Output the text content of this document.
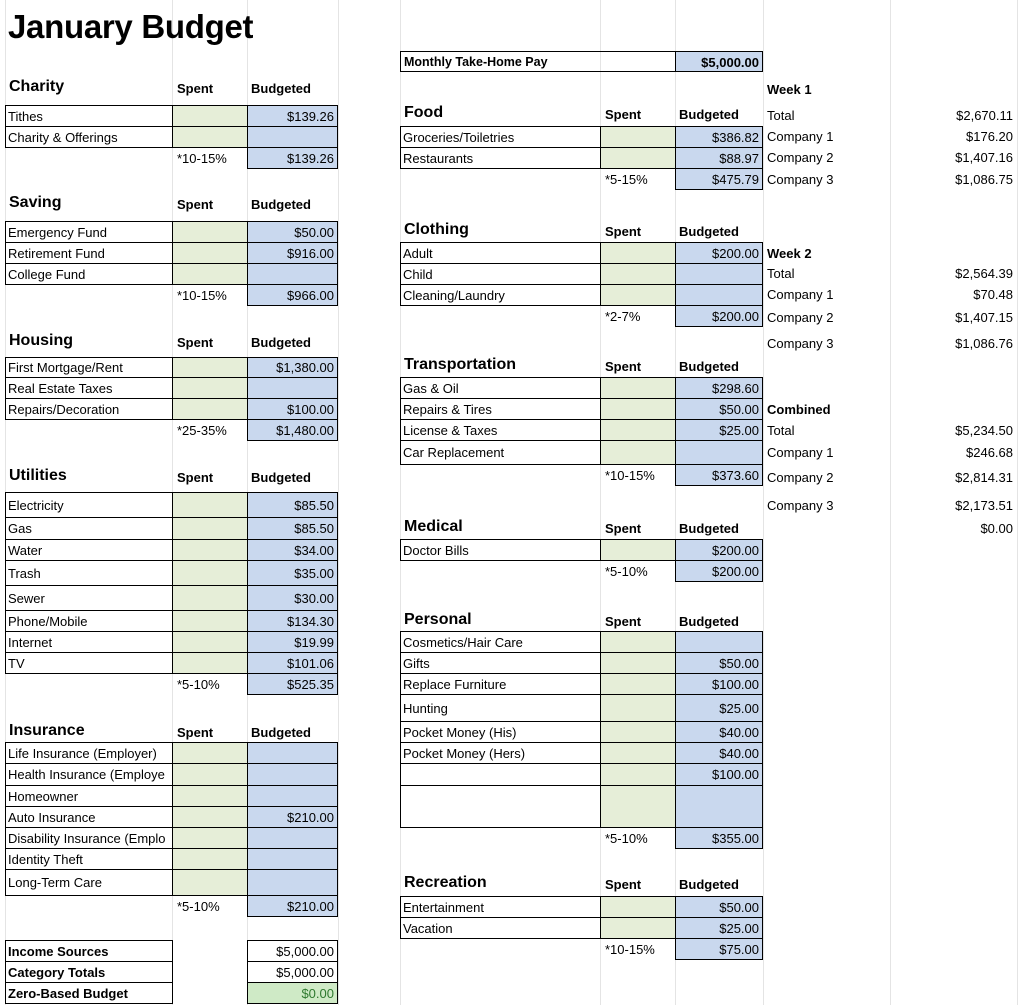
January Budget
Monthly Take-Home Pay	$5,000.00
Charity	Spent	Budgeted
Tithes	$139.26
Charity & Offerings
*10-15%	$139.26
Saving	Spent	Budgeted
Emergency Fund	$50.00
Retirement Fund	$916.00
College Fund
*10-15%	$966.00
Housing	Spent	Budgeted
First Mortgage/Rent	$1,380.00
Real Estate Taxes
Repairs/Decoration	$100.00
*25-35%	$1,480.00
Utilities	Spent	Budgeted
Electricity	$85.50
Gas	$85.50
Water	$34.00
Trash	$35.00
Sewer	$30.00
Phone/Mobile	$134.30
Internet	$19.99
TV	$101.06
*5-10%	$525.35
Insurance	Spent	Budgeted
Life Insurance (Employer)
Health Insurance (Employe
Homeowner
Auto Insurance	$210.00
Disability Insurance (Emplo
Identity Theft
Long-Term Care
*5-10%	$210.00
Food	Spent	Budgeted
Groceries/Toiletries	$386.82
Restaurants	$88.97
*5-15%	$475.79
Clothing	Spent	Budgeted
Adult	$200.00
Child
Cleaning/Laundry
*2-7%	$200.00
Transportation	Spent	Budgeted
Gas & Oil	$298.60
Repairs & Tires	$50.00
License & Taxes	$25.00
Car Replacement
*10-15%	$373.60
Medical	Spent	Budgeted
Doctor Bills	$200.00
*5-10%	$200.00
Personal	Spent	Budgeted
Cosmetics/Hair Care
Gifts	$50.00
Replace Furniture	$100.00
Hunting	$25.00
Pocket Money (His)	$40.00
Pocket Money (Hers)	$40.00
$100.00
*5-10%	$355.00
Recreation	Spent	Budgeted
Entertainment	$50.00
Vacation	$25.00
*10-15%	$75.00
Income Sources	$5,000.00
Category Totals	$5,000.00
Zero-Based Budget	$0.00
Week 1
Total	$2,670.11
Company 1	$176.20
Company 2	$1,407.16
Company 3	$1,086.75
Week 2
Total	$2,564.39
Company 1	$70.48
Company 2	$1,407.15
Company 3	$1,086.76
Combined
Total	$5,234.50
Company 1	$246.68
Company 2	$2,814.31
Company 3	$2,173.51
$0.00
